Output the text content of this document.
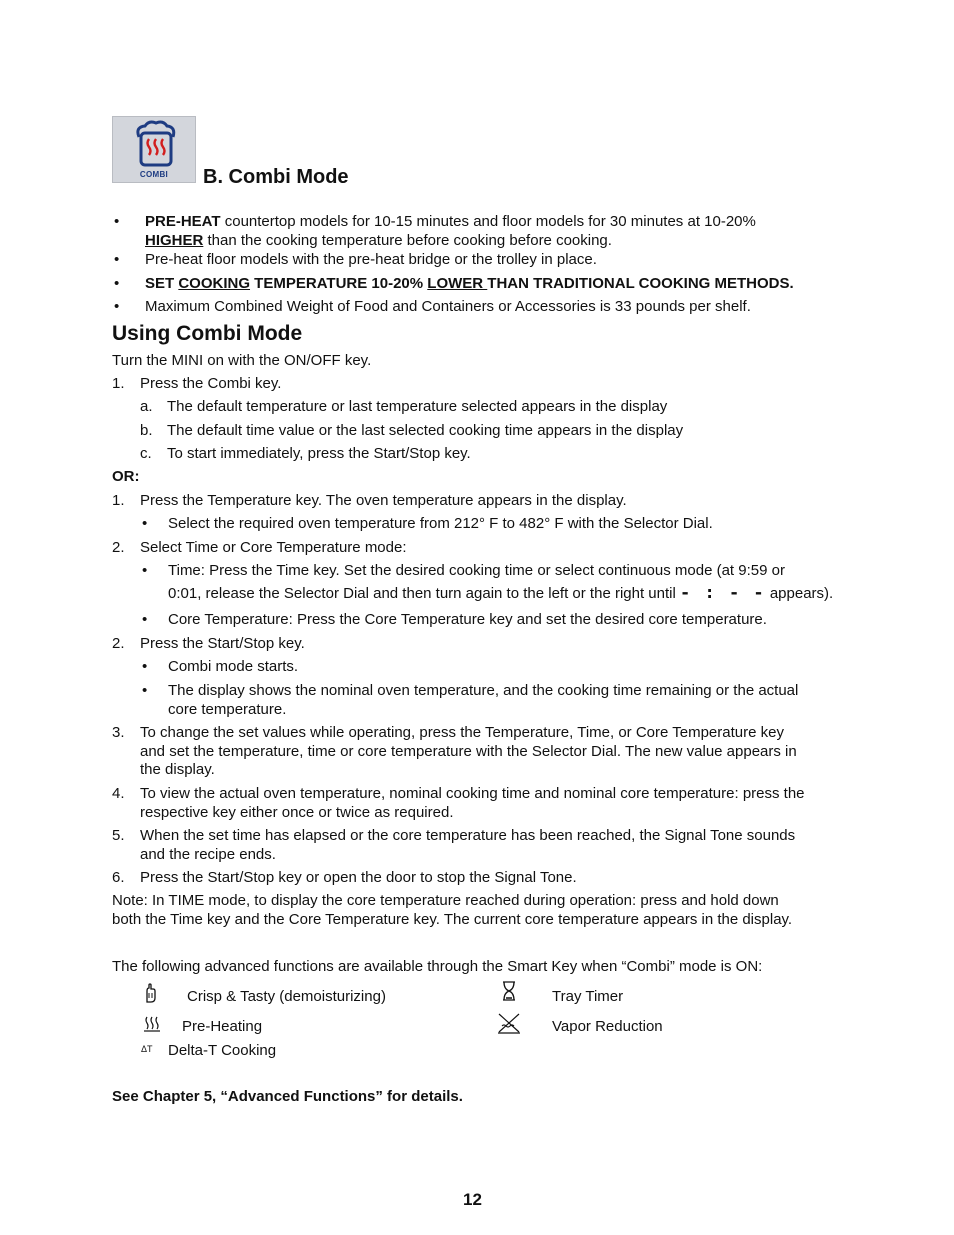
COMBI	B. Combi Mode
• PRE-HEAT countertop models for 10-15 minutes and floor models for 30 minutes at 10-20%
HIGHER than the cooking temperature before cooking before cooking.
• Pre-heat floor models with the pre-heat bridge or the trolley in place.
• SET COOKING TEMPERATURE 10-20% LOWER THAN TRADITIONAL COOKING METHODS.
• Maximum Combined Weight of Food and Containers or Accessories is 33 pounds per shelf.
Using Combi Mode
Turn the MINI on with the ON/OFF key.
1. Press the Combi key.
a. The default temperature or last temperature selected appears in the display
b. The default time value or the last selected cooking time appears in the display
c. To start immediately, press the Start/Stop key.
OR:
1. Press the Temperature key. The oven temperature appears in the display.
• Select the required oven temperature from 212° F to 482° F with the Selector Dial.
2. Select Time or Core Temperature mode:
• Time: Press the Time key. Set the desired cooking time or select continuous mode (at 9:59 or
0:01, release the Selector Dial and then turn again to the left or the right until - : - - appears).
• Core Temperature: Press the Core Temperature key and set the desired core temperature.
2. Press the Start/Stop key.
• Combi mode starts.
• The display shows the nominal oven temperature, and the cooking time remaining or the actual
core temperature.
3. To change the set values while operating, press the Temperature, Time, or Core Temperature key
and set the temperature, time or core temperature with the Selector Dial. The new value appears in
the display.
4. To view the actual oven temperature, nominal cooking time and nominal core temperature: press the
respective key either once or twice as required.
5. When the set time has elapsed or the core temperature has been reached, the Signal Tone sounds
and the recipe ends.
6. Press the Start/Stop key or open the door to stop the Signal Tone.
Note: In TIME mode, to display the core temperature reached during operation: press and hold down
both the Time key and the Core Temperature key. The current core temperature appears in the display.
The following advanced functions are available through the Smart Key when “Combi” mode is ON:
Crisp & Tasty (demoisturizing)	Tray Timer
Pre-Heating	Vapor Reduction
ΔT Delta-T Cooking
See Chapter 5, “Advanced Functions” for details.
12
